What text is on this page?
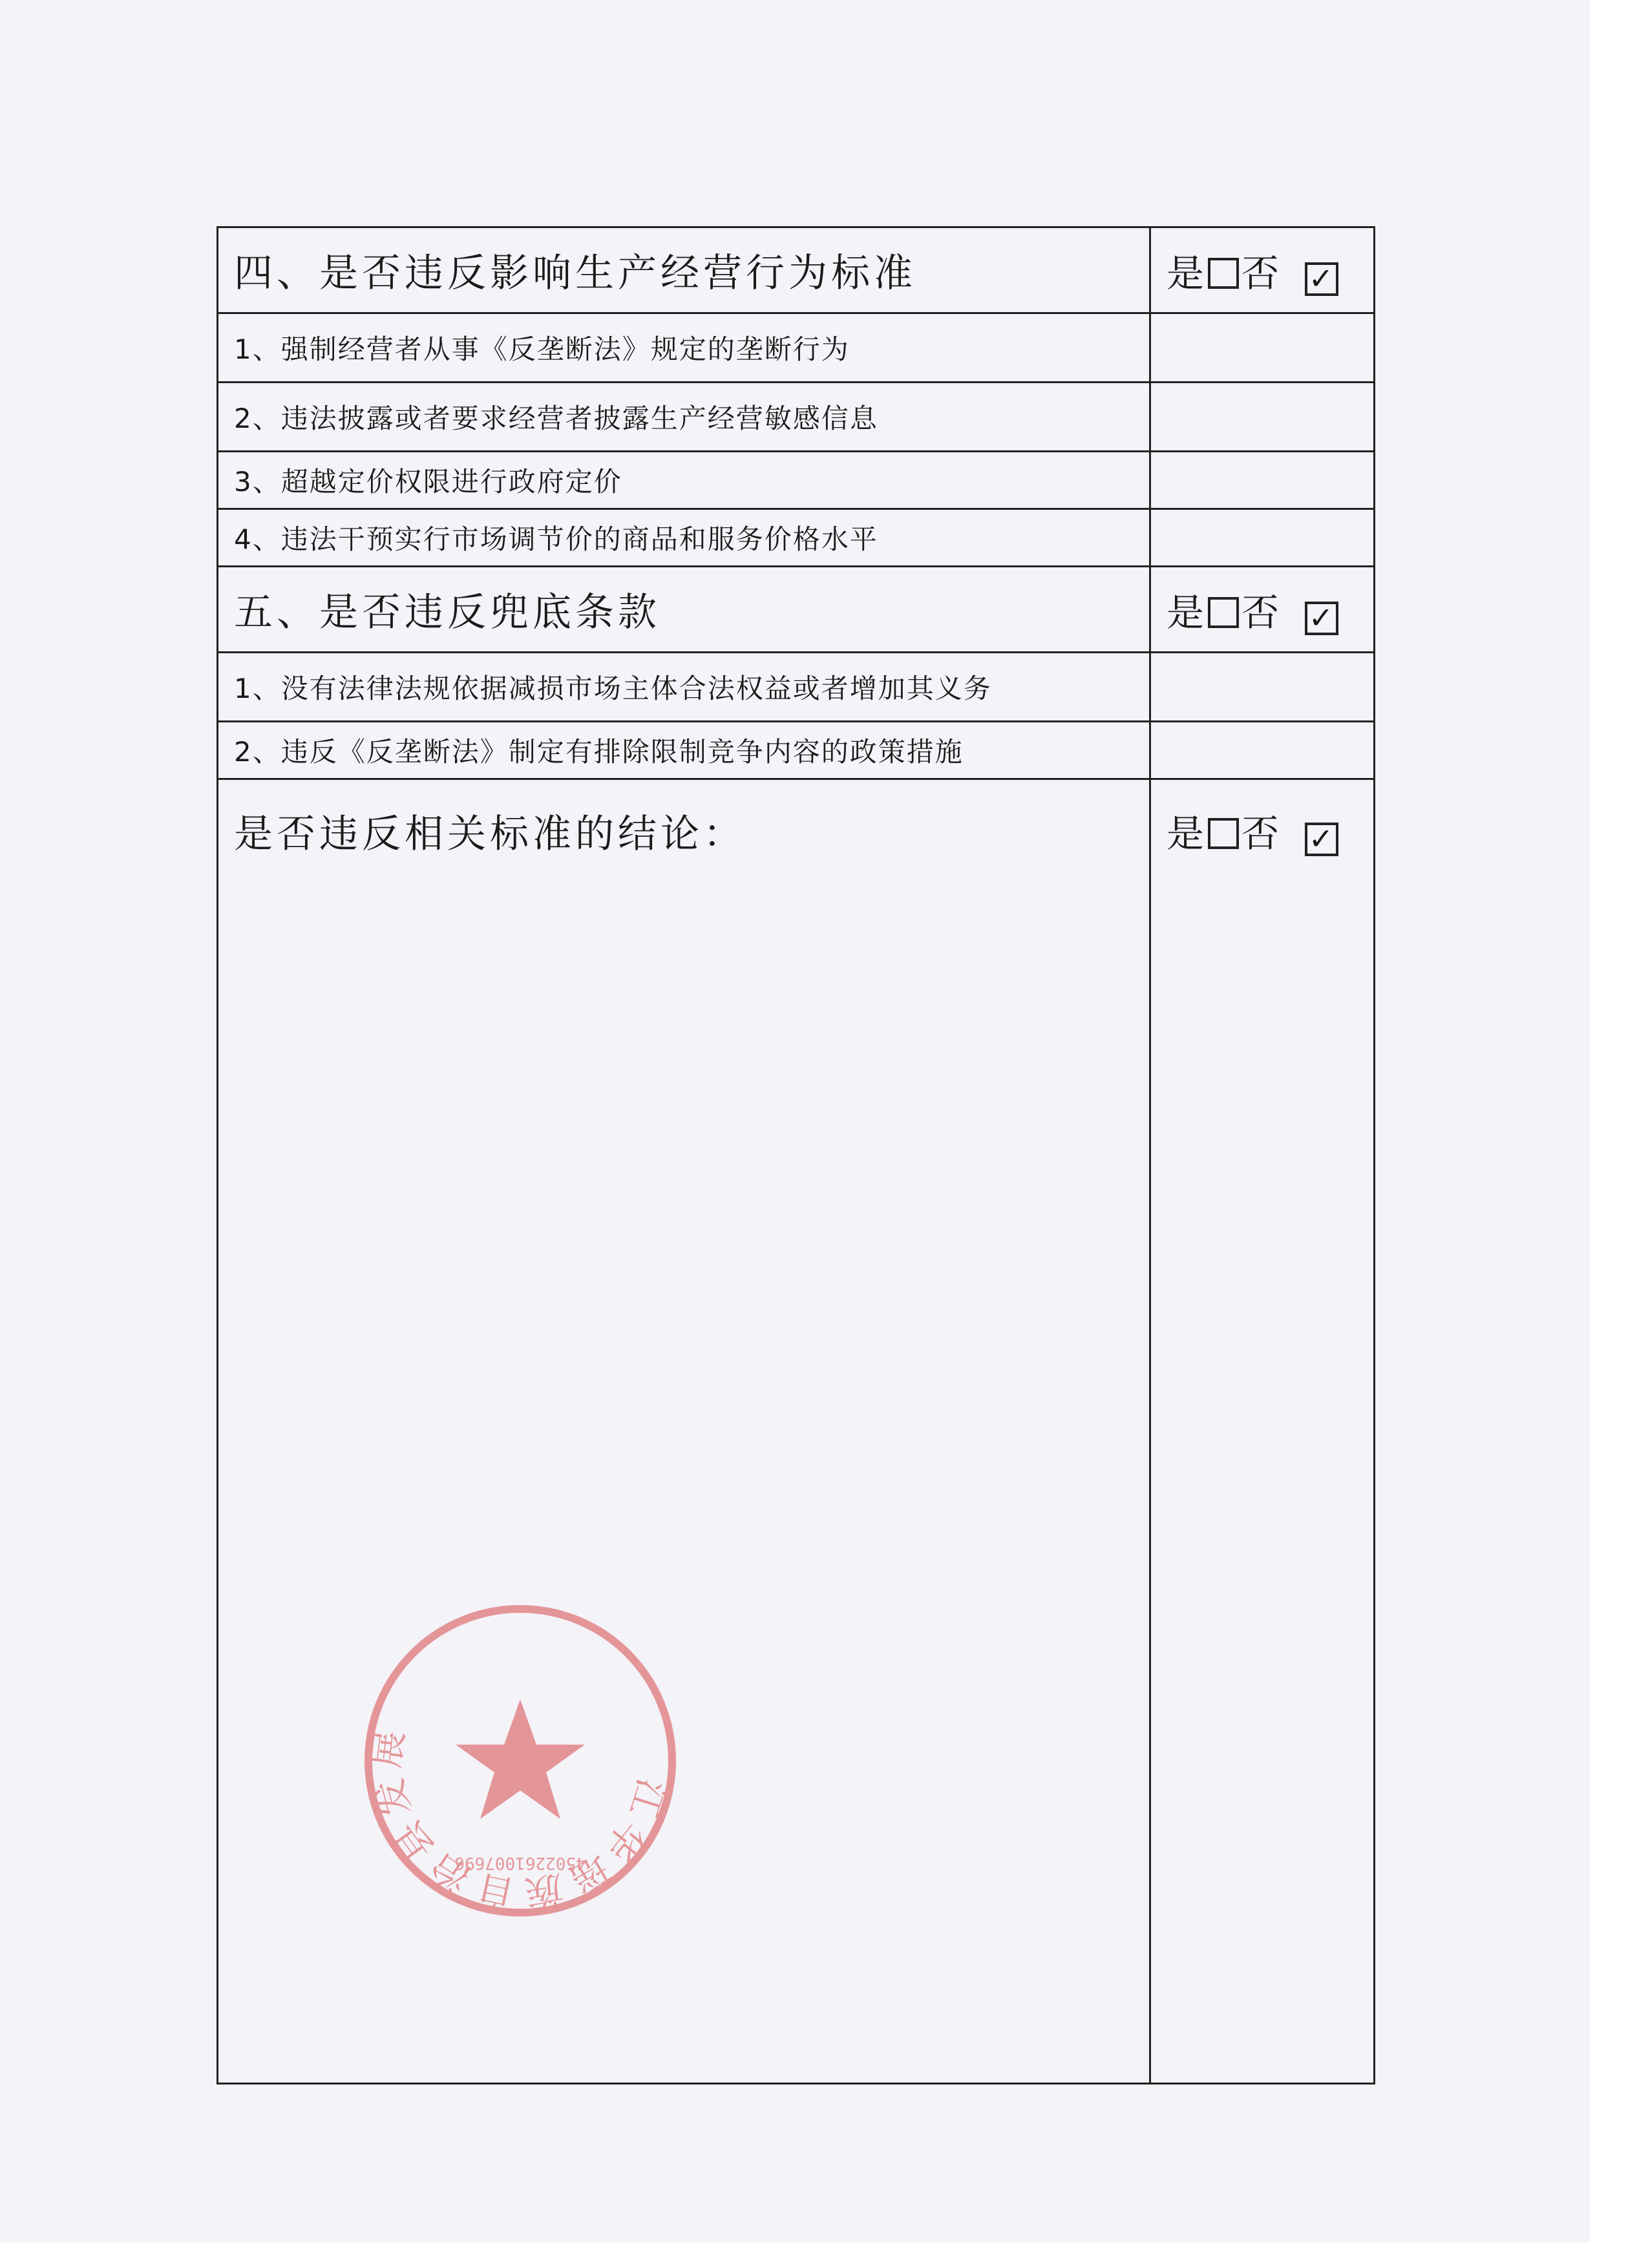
四、是否违反影响生产经营行为标准	是 否 ✓
1、强制经营者从事《反垄断法》规定的垄断行为	
2、违法披露或者要求经营者披露生产经营敏感信息	
3、超越定价权限进行政府定价	
4、违法干预实行市场调节价的商品和服务价格水平	
五、是否违反兜底条款	是 否 ✓
1、没有法律法规依据减损市场主体合法权益或者增加其义务	
2、违反《反垄断法》制定有排除限制竞争内容的政策措施	
是否违反相关标准的结论：	是 否 ✓
江华瑶族自治县发展
4502261007696
